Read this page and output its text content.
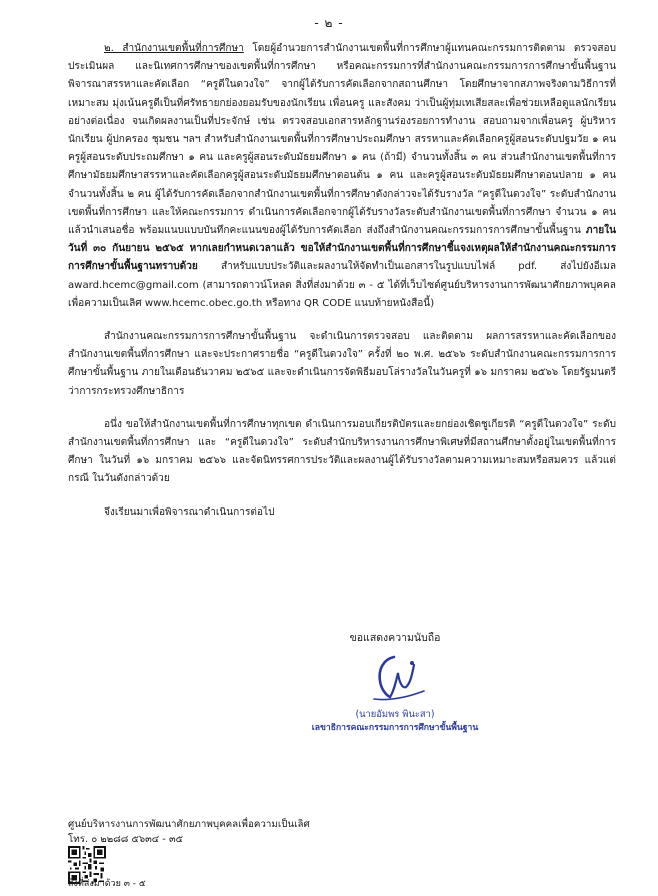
- ๒ -

๒. สำนักงานเขตพื้นที่การศึกษา โดยผู้อำนวยการสำนักงานเขตพื้นที่การศึกษาผู้แทนคณะกรรมการติดตาม ตรวจสอบ ประเมินผล และนิเทศการศึกษาของเขตพื้นที่การศึกษา หรือคณะกรรมการที่สำนักงานคณะกรรมการการศึกษาขั้นพื้นฐาน พิจารณาสรรหาและคัดเลือก “ครูดีในดวงใจ” จากผู้ได้รับการคัดเลือกจากสถานศึกษา โดยศึกษาจากสภาพจริงตามวิธีการที่เหมาะสม มุ่งเน้นครูดีเป็นที่ศรัทธายกย่องยอมรับของนักเรียน เพื่อนครู และสังคม ว่าเป็นผู้ทุ่มเทเสียสละเพื่อช่วยเหลือดูแลนักเรียนอย่างต่อเนื่อง จนเกิดผลงานเป็นที่ประจักษ์ เช่น ตรวจสอบเอกสารหลักฐานร่องรอยการทำงาน สอบถามจากเพื่อนครู ผู้บริหาร นักเรียน ผู้ปกครอง ชุมชน ฯลฯ สำหรับสำนักงานเขตพื้นที่การศึกษาประถมศึกษา สรรหาและคัดเลือกครูผู้สอนระดับปฐมวัย ๑ คน ครูผู้สอนระดับประถมศึกษา ๑ คน และครูผู้สอนระดับมัธยมศึกษา ๑ คน (ถ้ามี) จำนวนทั้งสิ้น ๓ คน ส่วนสำนักงานเขตพื้นที่การศึกษามัธยมศึกษาสรรหาและคัดเลือกครูผู้สอนระดับมัธยมศึกษาตอนต้น ๑ คน และครูผู้สอนระดับมัธยมศึกษาตอนปลาย ๑ คน จำนวนทั้งสิ้น ๒ คน ผู้ได้รับการคัดเลือกจากสำนักงานเขตพื้นที่การศึกษาดังกล่าวจะได้รับรางวัล “ครูดีในดวงใจ” ระดับสำนักงานเขตพื้นที่การศึกษา และให้คณะกรรมการ ดำเนินการคัดเลือกจากผู้ได้รับรางวัลระดับสำนักงานเขตพื้นที่การศึกษา จำนวน ๑ คน แล้วนำเสนอชื่อ พร้อมแนบแบบบันทึกคะแนนของผู้ได้รับการคัดเลือก ส่งถึงสำนักงานคณะกรรมการการศึกษาขั้นพื้นฐาน ภายในวันที่ ๓๐ กันยายน ๒๕๖๕ หากเลยกำหนดเวลาแล้ว ขอให้สำนักงานเขตพื้นที่การศึกษาชี้แจงเหตุผลให้สำนักงานคณะกรรมการการศึกษาขั้นพื้นฐานทราบด้วย สำหรับแบบประวัติและผลงานให้จัดทำเป็นเอกสารในรูปแบบไฟล์ pdf. ส่งไปยังอีเมล award.hcemc@gmail.com (สามารถดาวน์โหลด สิ่งที่ส่งมาด้วย ๓ - ๕ ได้ที่เว็บไซต์ศูนย์บริหารงานการพัฒนาศักยภาพบุคคลเพื่อความเป็นเลิศ www.hcemc.obec.go.th หรือทาง QR CODE แนบท้ายหนังสือนี้)

สำนักงานคณะกรรมการการศึกษาขั้นพื้นฐาน จะดำเนินการตรวจสอบ และติดตาม ผลการสรรหาและคัดเลือกของสำนักงานเขตพื้นที่การศึกษา และจะประกาศรายชื่อ “ครูดีในดวงใจ” ครั้งที่ ๒๐ พ.ศ. ๒๕๖๖ ระดับสำนักงานคณะกรรมการการศึกษาขั้นพื้นฐาน ภายในเดือนธันวาคม ๒๕๖๕ และจะดำเนินการจัดพิธีมอบโล่รางวัลในวันครูที่ ๑๖ มกราคม ๒๕๖๖ โดยรัฐมนตรีว่าการกระทรวงศึกษาธิการ

อนึ่ง ขอให้สำนักงานเขตพื้นที่การศึกษาทุกเขต ดำเนินการมอบเกียรติบัตรและยกย่องเชิดชูเกียรติ “ครูดีในดวงใจ” ระดับสำนักงานเขตพื้นที่การศึกษา และ “ครูดีในดวงใจ” ระดับสำนักบริหารงานการศึกษาพิเศษที่มีสถานศึกษาตั้งอยู่ในเขตพื้นที่การศึกษา ในวันที่ ๑๖ มกราคม ๒๕๖๖ และจัดนิทรรศการประวัติและผลงานผู้ได้รับรางวัลตามความเหมาะสมหรือสมควร แล้วแต่กรณี ในวันดังกล่าวด้วย

จึงเรียนมาเพื่อพิจารณาดำเนินการต่อไป

ขอแสดงความนับถือ
(นายอัมพร พินะสา)
เลขาธิการคณะกรรมการการศึกษาขั้นพื้นฐาน
ศูนย์บริหารงานการพัฒนาศักยภาพบุคคลเพื่อความเป็นเลิศ
โทร. ๐ ๒๒๘๘ ๕๖๓๔ - ๓๕
สิ่งที่ส่งมาด้วย ๓ - ๕
